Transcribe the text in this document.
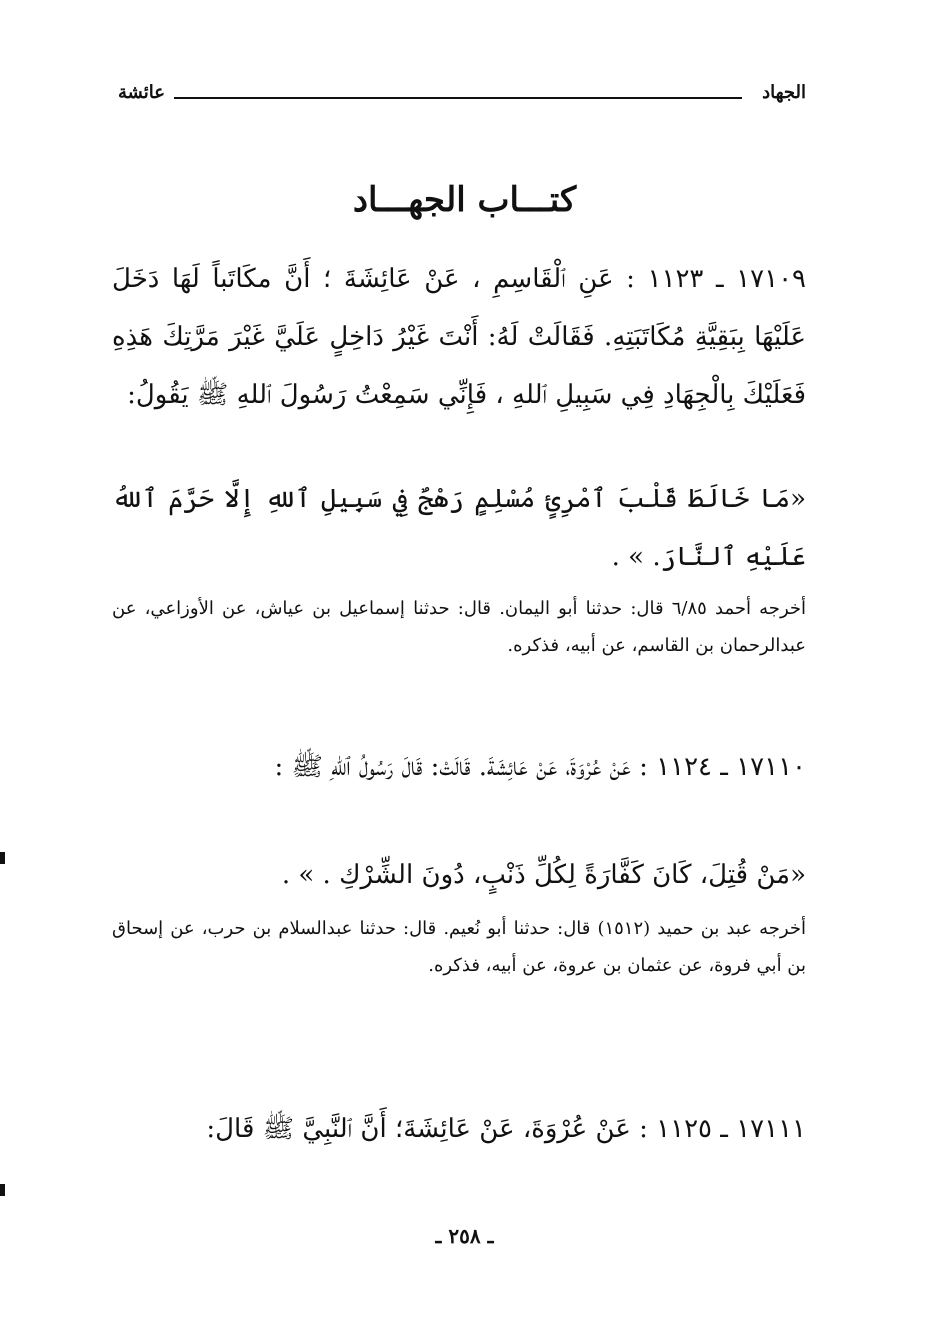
الجهاد
عائشة
كتـــاب الجهـــاد
١٧١٠٩ ـ ١١٢٣ : عَنِ ٱلْقَاسِمِ ، عَنْ عَائِشَةَ ؛ أَنَّ مكَاتَباً لَهَا دَخَلَ عَلَيْهَا بِبَقِيَّةِ مُكَاتَبَتِهِ. فَقَالَتْ لَهُ: أَنْتَ غَيْرُ دَاخِلٍ عَلَيَّ غَيْرَ مَرَّتِكَ هَذِهِ فَعَلَيْكَ بِالْجِهَادِ فِي سَبِيلِ ٱللهِ ، فَإِنِّي سَمِعْتُ رَسُولَ ٱللهِ ﷺ يَقُولُ:
«مَا خَالَطَ قَلْبَ ٱمْرِئٍ مُسْلِمٍ رَهْجٌ فِي سَبِيلِ ٱللهِ إِلَّا حَرَّمَ ٱللهُ عَلَيْهِ ٱلنَّارَ. » .
أخرجه أحمد ٦/٨٥ قال: حدثنا أبو اليمان. قال: حدثنا إسماعيل بن عياش، عن الأوزاعي، عن عبدالرحمان بن القاسم، عن أبيه، فذكره.
١٧١١٠ ـ ١١٢٤ : عَنْ عُرْوَةَ، عَنْ عَائِشَةَ. قَالَتْ: قَالَ رَسُولُ ٱللهِ ﷺ :
«مَنْ قُتِلَ، كَانَ كَفَّارَةً لِكُلِّ ذَنْبٍ، دُونَ الشِّرْكِ . » .
أخرجه عبد بن حميد (١٥١٢) قال: حدثنا أبو نُعيم. قال: حدثنا عبدالسلام بن حرب، عن إسحاق بن أبي فروة، عن عثمان بن عروة، عن أبيه، فذكره.
١٧١١١ ـ ١١٢٥ : عَنْ عُرْوَةَ، عَنْ عَائِشَةَ؛ أَنَّ ٱلنَّبِيَّ ﷺ قَالَ:
ـ ٢٥٨ ـ
